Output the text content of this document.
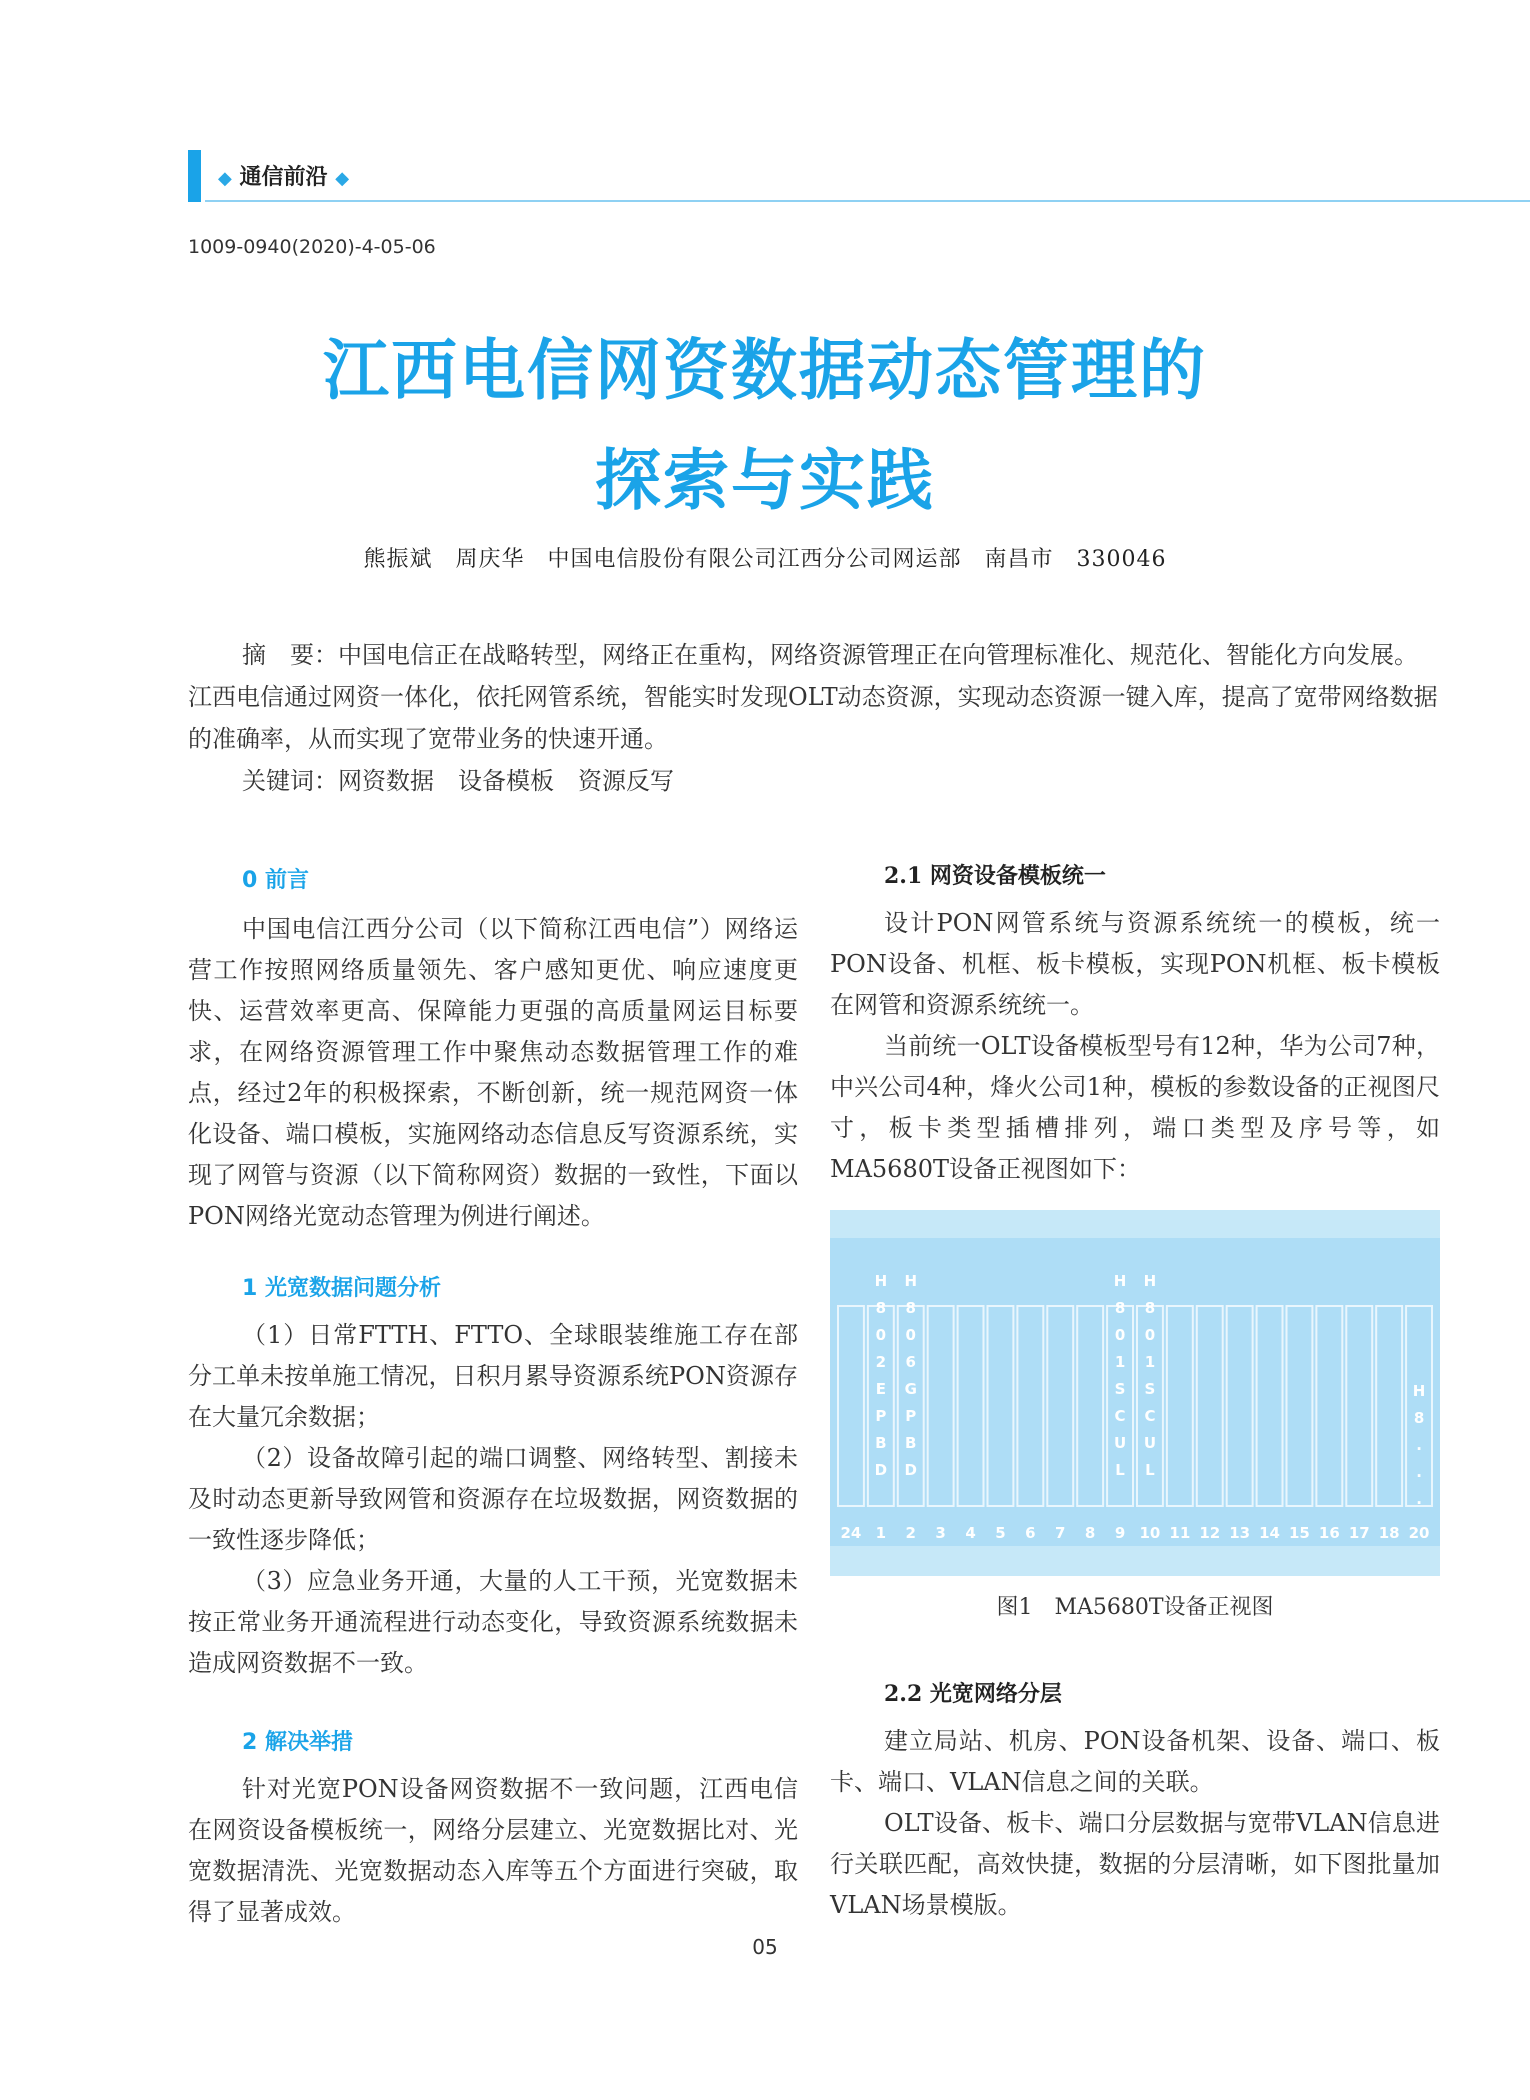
◆ 通信前沿 ◆
1009-0940(2020)-4-05-06
江西电信网资数据动态管理的
探索与实践
熊振斌　周庆华　中国电信股份有限公司江西分公司网运部　南昌市　330046

摘　要：中国电信正在战略转型，网络正在重构，网络资源管理正在向管理标准化、规范化、智能化方向发展。江西电信通过网资一体化，依托网管系统，智能实时发现OLT动态资源，实现动态资源一键入库，提高了宽带网络数据的准确率，从而实现了宽带业务的快速开通。

关键词：网资数据　设备模板　资源反写

0 前言

中国电信江西分公司（以下简称江西电信”）网络运营工作按照网络质量领先、客户感知更优、响应速度更快、运营效率更高、保障能力更强的高质量网运目标要求，在网络资源管理工作中聚焦动态数据管理工作的难点，经过2年的积极探索，不断创新，统一规范网资一体化设备、端口模板，实施网络动态信息反写资源系统，实现了网管与资源（以下简称网资）数据的一致性，下面以PON网络光宽动态管理为例进行阐述。

1 光宽数据问题分析

（1）日常FTTH、FTTO、全球眼装维施工存在部分工单未按单施工情况，日积月累导资源系统PON资源存在大量冗余数据；

（2）设备故障引起的端口调整、网络转型、割接未及时动态更新导致网管和资源存在垃圾数据，网资数据的一致性逐步降低；

（3）应急业务开通，大量的人工干预，光宽数据未按正常业务开通流程进行动态变化，导致资源系统数据未造成网资数据不一致。

2 解决举措

针对光宽PON设备网资数据不一致问题，江西电信在网资设备模板统一，网络分层建立、光宽数据比对、光宽数据清洗、光宽数据动态入库等五个方面进行突破，取得了显著成效。

2.1 网资设备模板统一

设计PON网管系统与资源系统统一的模板，统一PON设备、机框、板卡模板，实现PON机框、板卡模板在网管和资源系统统一。

当前统一OLT设备模板型号有12种，华为公司7种，中兴公司4种，烽火公司1种，模板的参数设备的正视图尺寸，板卡类型插槽排列，端口类型及序号等，如MA5680T设备正视图如下：

2.2 光宽网络分层

建立局站、机房、PON设备机架、设备、端口、板卡、端口、VLAN信息之间的关联。

OLT设备、板卡、端口分层数据与宽带VLAN信息进行关联匹配，高效快捷，数据的分层清晰，如下图批量加VLAN场景模版。

24 1
H
8
0
2
E
P
B
D
2
H
8
0
6
G
P
B
D
3 4 5 6 7 8 9
H
8
0
1
S
C
U
L
10
H
8
0
1
S
C
U
L
11 12 13 14 15 16 17 18 20
H
8
.
.
.
图1　MA5680T设备正视图
05
